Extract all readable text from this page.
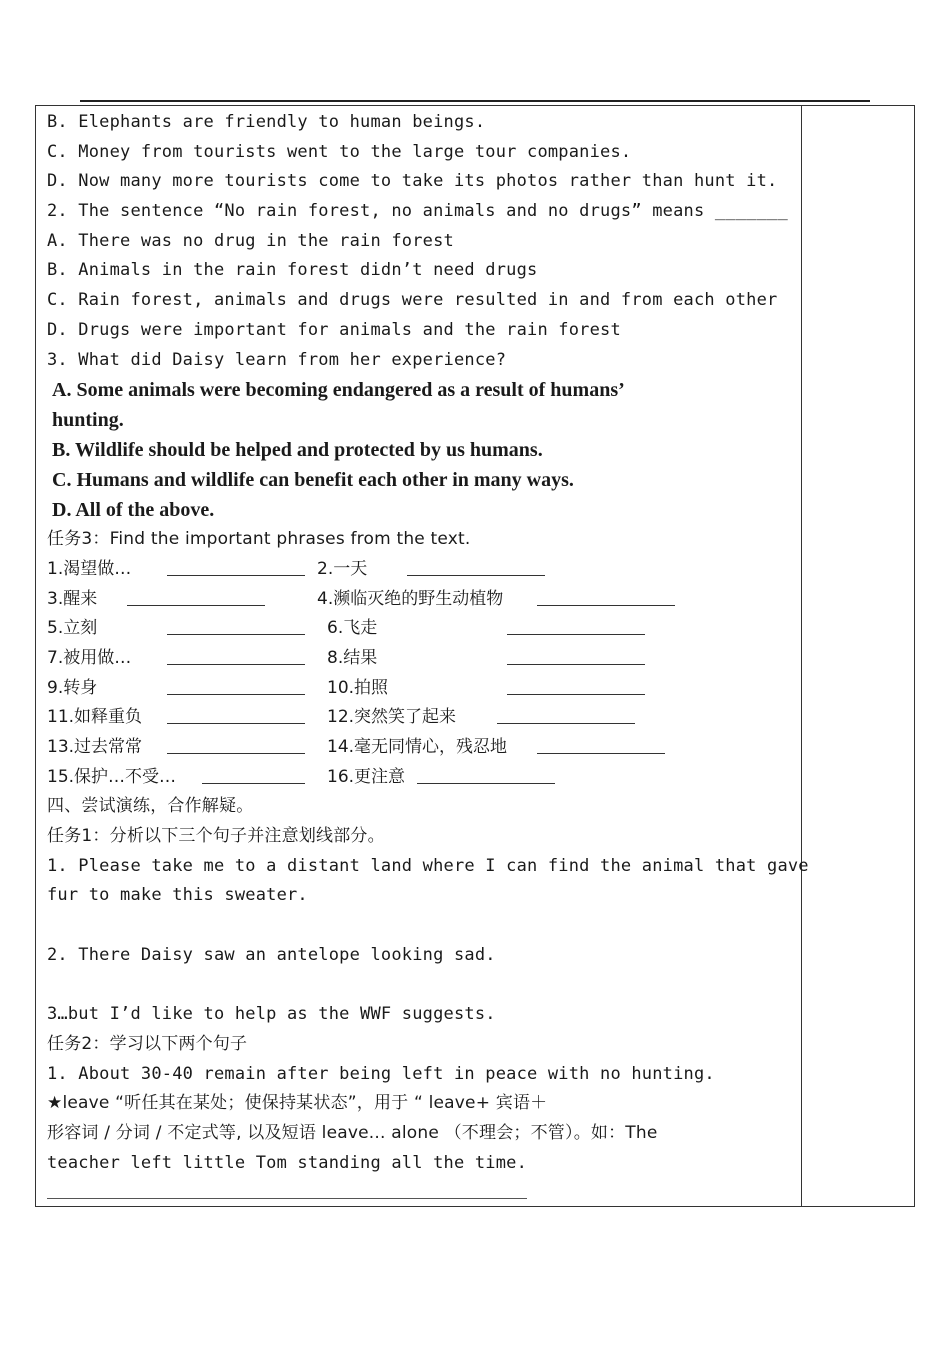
B. Elephants are friendly to human beings.
C. Money from tourists went to the large tour companies.
D. Now many more tourists come to take its photos rather than hunt it.
2. The sentence “No rain forest, no animals and no drugs” means _______
A. There was no drug in the rain forest
B. Animals in the rain forest didn’t need drugs
C. Rain forest, animals and drugs were resulted in and from each other
D. Drugs were important for animals and the rain forest
3. What did Daisy learn from her experience?
A. Some animals were becoming endangered as a result of humans’
hunting.
B. Wildlife should be helped and protected by us humans.
C. Humans and wildlife can benefit each other in many ways.
D. All of the above.
任务3：Find the important phrases from the text.
1.渴望做…	2.一天
3.醒来	4.濒临灭绝的野生动植物
5.立刻	6.飞走
7.被用做…	8.结果
9.转身	10.拍照
11.如释重负	12.突然笑了起来
13.过去常常	14.毫无同情心，残忍地
15.保护…不受…	16.更注意
四、尝试演练，合作解疑。
任务1：分析以下三个句子并注意划线部分。
1. Please take me to a distant land where I can find the animal that gave
fur to make this sweater.
2. There Daisy saw an antelope looking sad.
3…but I’d like to help as the WWF suggests.
任务2：学习以下两个句子
1. About 30-40 remain after being left in peace with no hunting.
★leave “听任其在某处；使保持某状态”，用于 “ leave+ 宾语＋
形容词 / 分词 / 不定式等, 以及短语 leave... alone （不理会；不管）。如：The
teacher left little Tom standing all the time.
